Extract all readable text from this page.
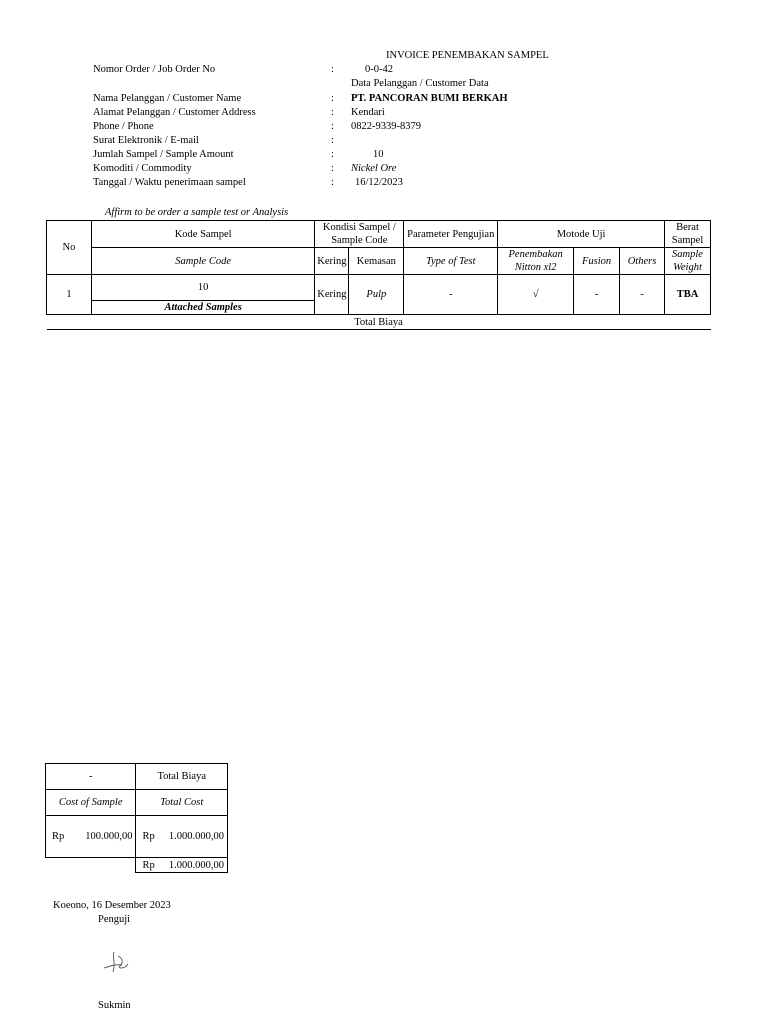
INVOICE PENEMBAKAN SAMPEL
Nomor Order / Job Order No	:	0-0-42
Data Pelanggan / Customer Data
Nama Pelanggan / Customer Name	: PT. PANCORAN BUMI BERKAH
Alamat Pelanggan / Customer Address	: Kendari
Phone / Phone	: 0822-9339-8379
Surat Elektronik / E-mail	:
Jumlah Sampel / Sample Amount	:	10
Komoditi / Commodity	: Nickel Ore
Tanggal / Waktu penerimaan sampel	: 16/12/2023
Affirm to be order a sample test or Analysis
No	Kode Sampel	Kondisi Sampel / Sample Code		Parameter Pengujian	Motode Uji			Berat Sampel
	Sample Code	Kering	Kemasan	Type of Test	Penembakan Nitton xl2	Fusion	Others	Sample Weight
1	10	Kering	Pulp	-	√	-	-	TBA
	Attached Samples							
Total Biaya								
-	Total Biaya
Cost of Sample	Total Cost
Rp 100.000,00	Rp 1.000.000,00

	Rp 1.000.000,00
Koeono, 16 Desember 2023
Penguji
Sukmin
